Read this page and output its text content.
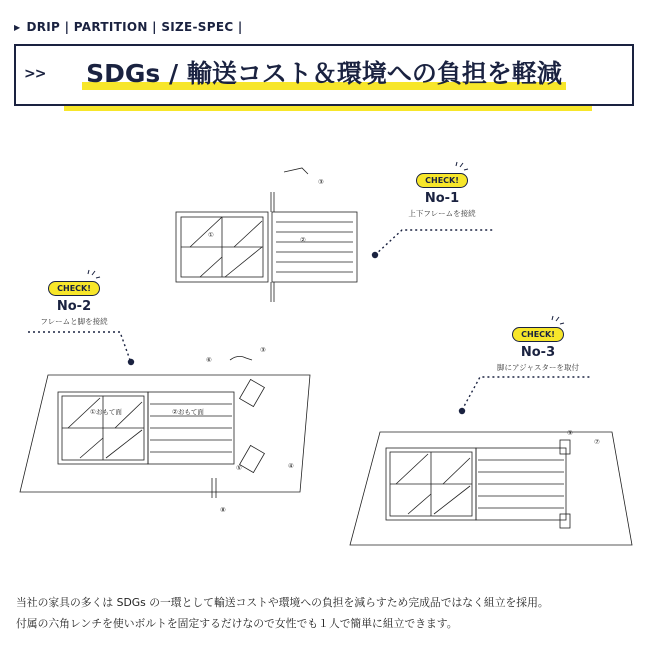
▶ DRIP | PARTITION | SIZE-SPEC |
>>	SDGs / 輸送コスト＆環境への負担を軽減
CHECK!
No-1
上下フレームを接続
CHECK!
No-2
フレームと脚を接続
CHECK!
No-3
脚にアジャスターを取付
①
②
③
①おもて面	②おもて面
③
④
⑤
⑥
⑧
③
⑦
当社の家具の多くは SDGs の一環として輸送コストや環境への負担を減らすため完成品ではなく組立を採用。
付属の六角レンチを使いボルトを固定するだけなので女性でも１人で簡単に組立できます。
